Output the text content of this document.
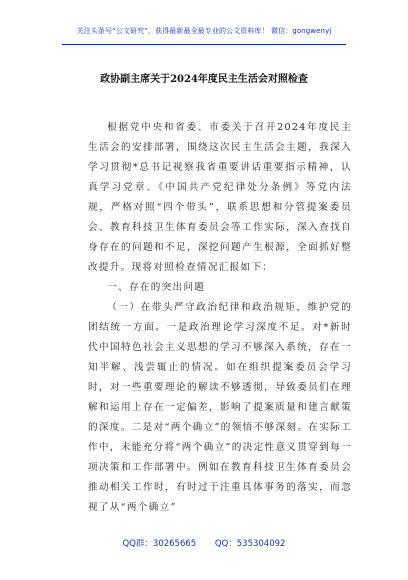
关注头条号“公文研究”，获得最新最全最专业的公文资料库！ 微信：gongwenyj
政协副主席关于2024年度民主生活会对照检查

根据党中央和省委、市委关于召开2024年度民主生活会的安排部署，围绕这次民主生活会主题，我深入学习贯彻*总书记视察我省重要讲话重要指示精神，认真学习党章、《中国共产党纪律处分条例》等党内法规，严格对照“四个带头”，联系思想和分管提案委员会、教育科技卫生体育委员会等工作实际，深入查找自身存在的问题和不足，深挖问题产生根源，全面抓好整改提升。现将对照检查情况汇报如下：

一、存在的突出问题

（一）在带头严守政治纪律和政治规矩，维护党的团结统一方面。一是政治理论学习深度不足。对*新时代中国特色社会主义思想的学习不够深入系统，存在一知半解、浅尝辄止的情况。如在组织提案委员会学习时，对一些重要理论的解读不够透彻，导致委员们在理解和运用上存在一定偏差，影响了提案质量和建言献策的深度。二是对“两个确立”的领悟不够深刻。在实际工作中，未能充分将“两个确立”的决定性意义贯穿到每一项决策和工作部署中。例如在教育科技卫生体育委员会推动相关工作时，有时过于注重具体事务的落实，而忽视了从“两个确立”

QQ群：30265665 QQ：535304092
